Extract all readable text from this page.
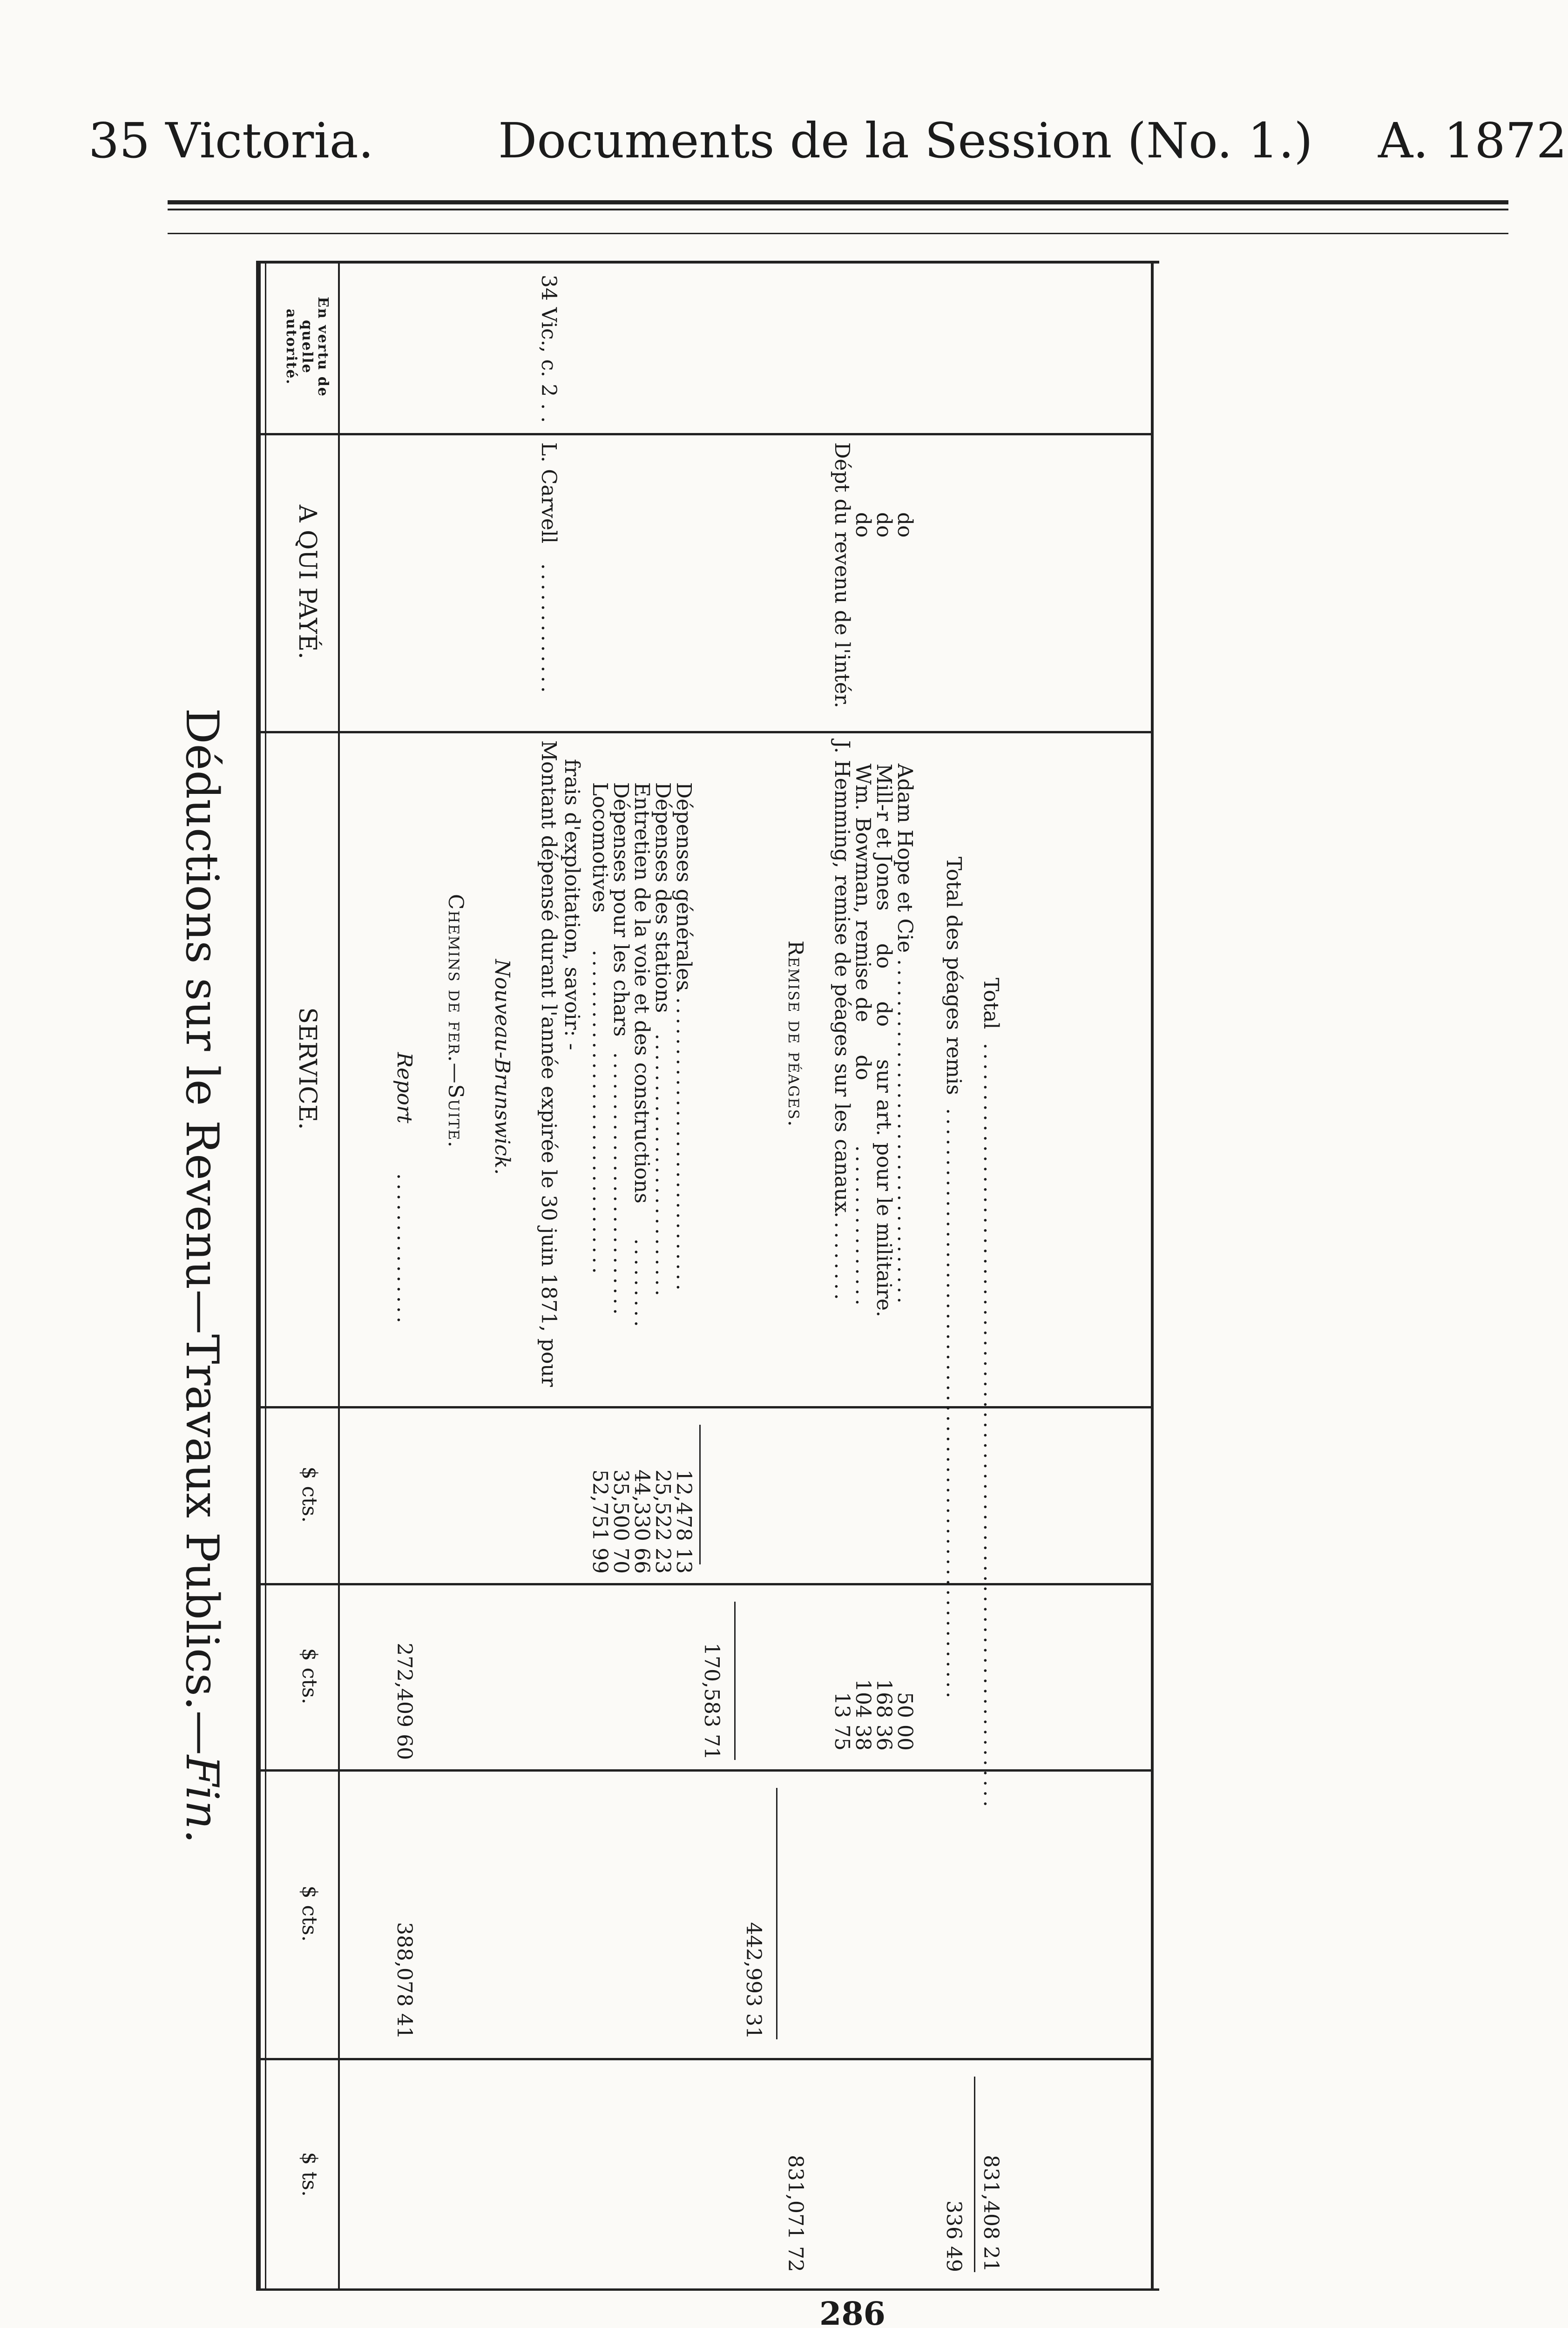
35 Victoria.	Documents de la Session (No. 1.) A. 1872
Déductions sur le Revenu—Travaux Publics.—Fin.
En vertu de
quelle
autorité.
A QUI PAYÉ.
SERVICE.
$ cts.
$ cts.
$ cts.
$ ts.
Report
...............
272,409 60
388,078 41
Chemins de fer.—Suite. Nouveau-Brunswick.
34 Vic., c. 2 . .
L. Carvell
.............
Montant dépensé durant l'année expirée le 30 juin 1871, pour frais d'exploitation, savoir: - Locomotives
................................
52,751 99
Dépenses pour les chars
..........................
35,500 70
Entretien de la voie et des constructions
.........
44,330 66
Dépenses des stations
..........................
25,522 23
Dépenses générales
..............................
12,478 13
170,583 71
442,993 31
831,071 72
Remise de péages.
Dépt du revenu de l'intér.
J. Hemming, remise de péages sur les canaux
..........
13 75
do
Wm. Bowman, remise de     do
................
104 38
do
Mill-r et Jones     do     do     sur art. pour le militaire.
168 36
do
Adam Hope et Cie
..................................
50 00
Total des péages remis
..........................................................
336 49
Total
...........................................................................
831,408 21
286
